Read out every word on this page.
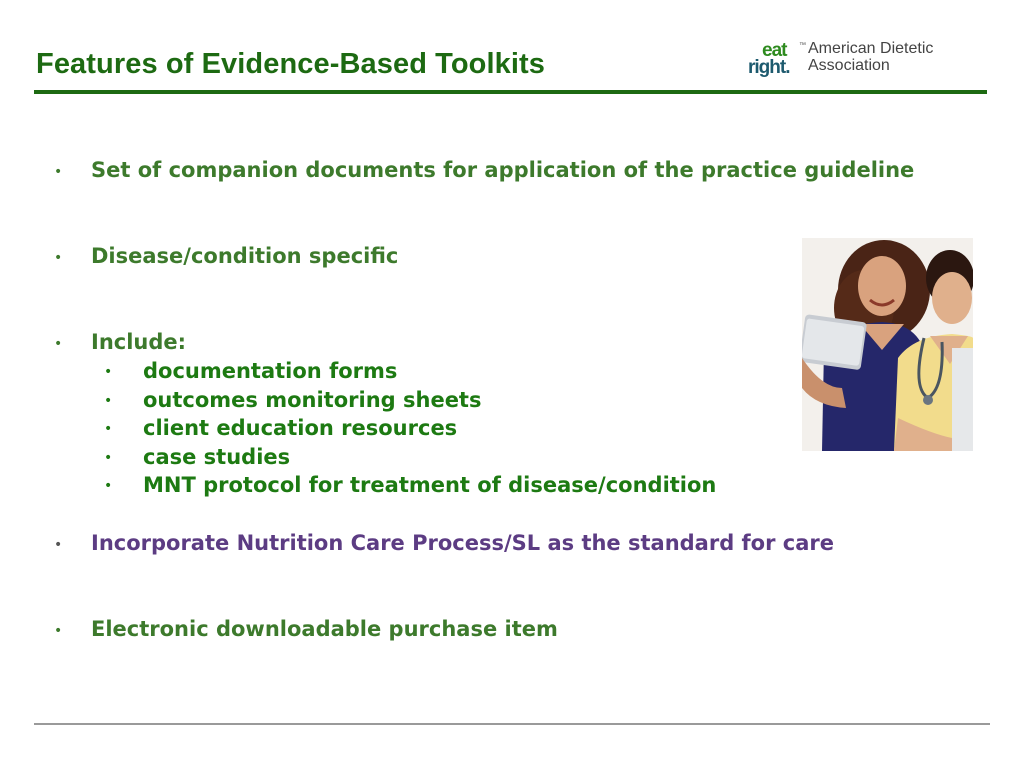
Features of Evidence-Based Toolkits	eat ™
right.
American Dietetic
Association
• Set of companion documents for application of the practice guideline
• Disease/condition specific
• Include:
• documentation forms
• outcomes monitoring sheets
• client education resources
• case studies
• MNT protocol for treatment of disease/condition
• Incorporate Nutrition Care Process/SL as the standard for care
• Electronic downloadable purchase item
